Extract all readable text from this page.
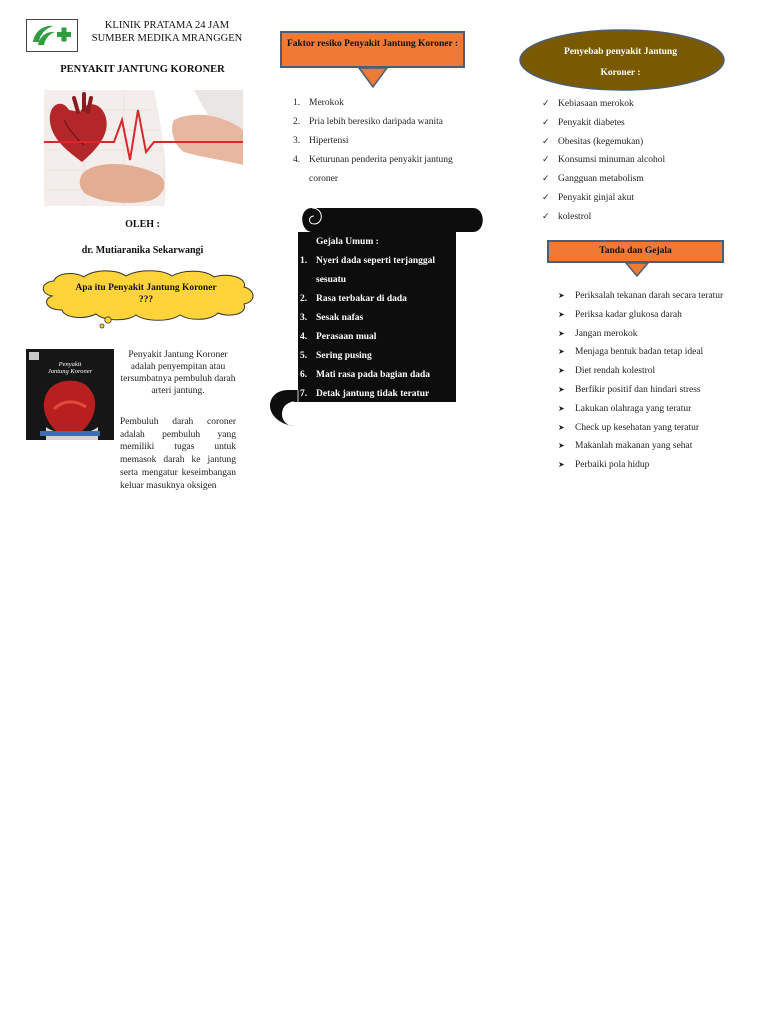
KLINIK PRATAMA 24 JAM
SUMBER MEDIKA MRANGGEN
PENYAKIT JANTUNG KORONER
OLEH :
dr. Mutiaranika Sekarwangi
Apa itu Penyakit Jantung Koroner ???
Penyakit
Jantung Koroner
Penyakit Jantung Koroner adalah penyempitan atau tersumbatnya pembuluh darah arteri jantung.
Pembuluh darah coroner adalah pembuluh yang memiliki tugas untuk memasok darah ke jantung serta mengatur keseimbangan keluar masuknya oksigen
Faktor resiko Penyakit Jantung Koroner :
1. Merokok
2. Pria lebih beresiko daripada wanita
3. Hipertensi
4. Keturunan penderita penyakit jantung coroner
Gejala Umum :
1. Nyeri dada seperti terjanggal sesuatu
2. Rasa terbakar di dada
3. Sesak nafas
4. Perasaan mual
5. Sering pusing
6. Mati rasa pada bagian dada
7. Detak jantung tidak teratur
Penyebab penyakit Jantung
Koroner :
✓ Kebiasaan merokok
✓ Penyakit diabetes
✓ Obesitas (kegemukan)
✓ Konsumsi minuman alcohol
✓ Gangguan metabolism
✓ Penyakit ginjal akut
✓ kolestrol
Tanda dan Gejala
➤ Periksalah tekanan darah secara teratur
➤ Periksa kadar glukosa darah
➤ Jangan merokok
➤ Menjaga bentuk badan tetap ideal
➤ Diet rendah kolestrol
➤ Berfikir positif dan hindari stress
➤ Lakukan olahraga yang teratur
➤ Check up kesehatan yang teratur
➤ Makanlah makanan yang sehat
➤ Perbaiki pola hidup
